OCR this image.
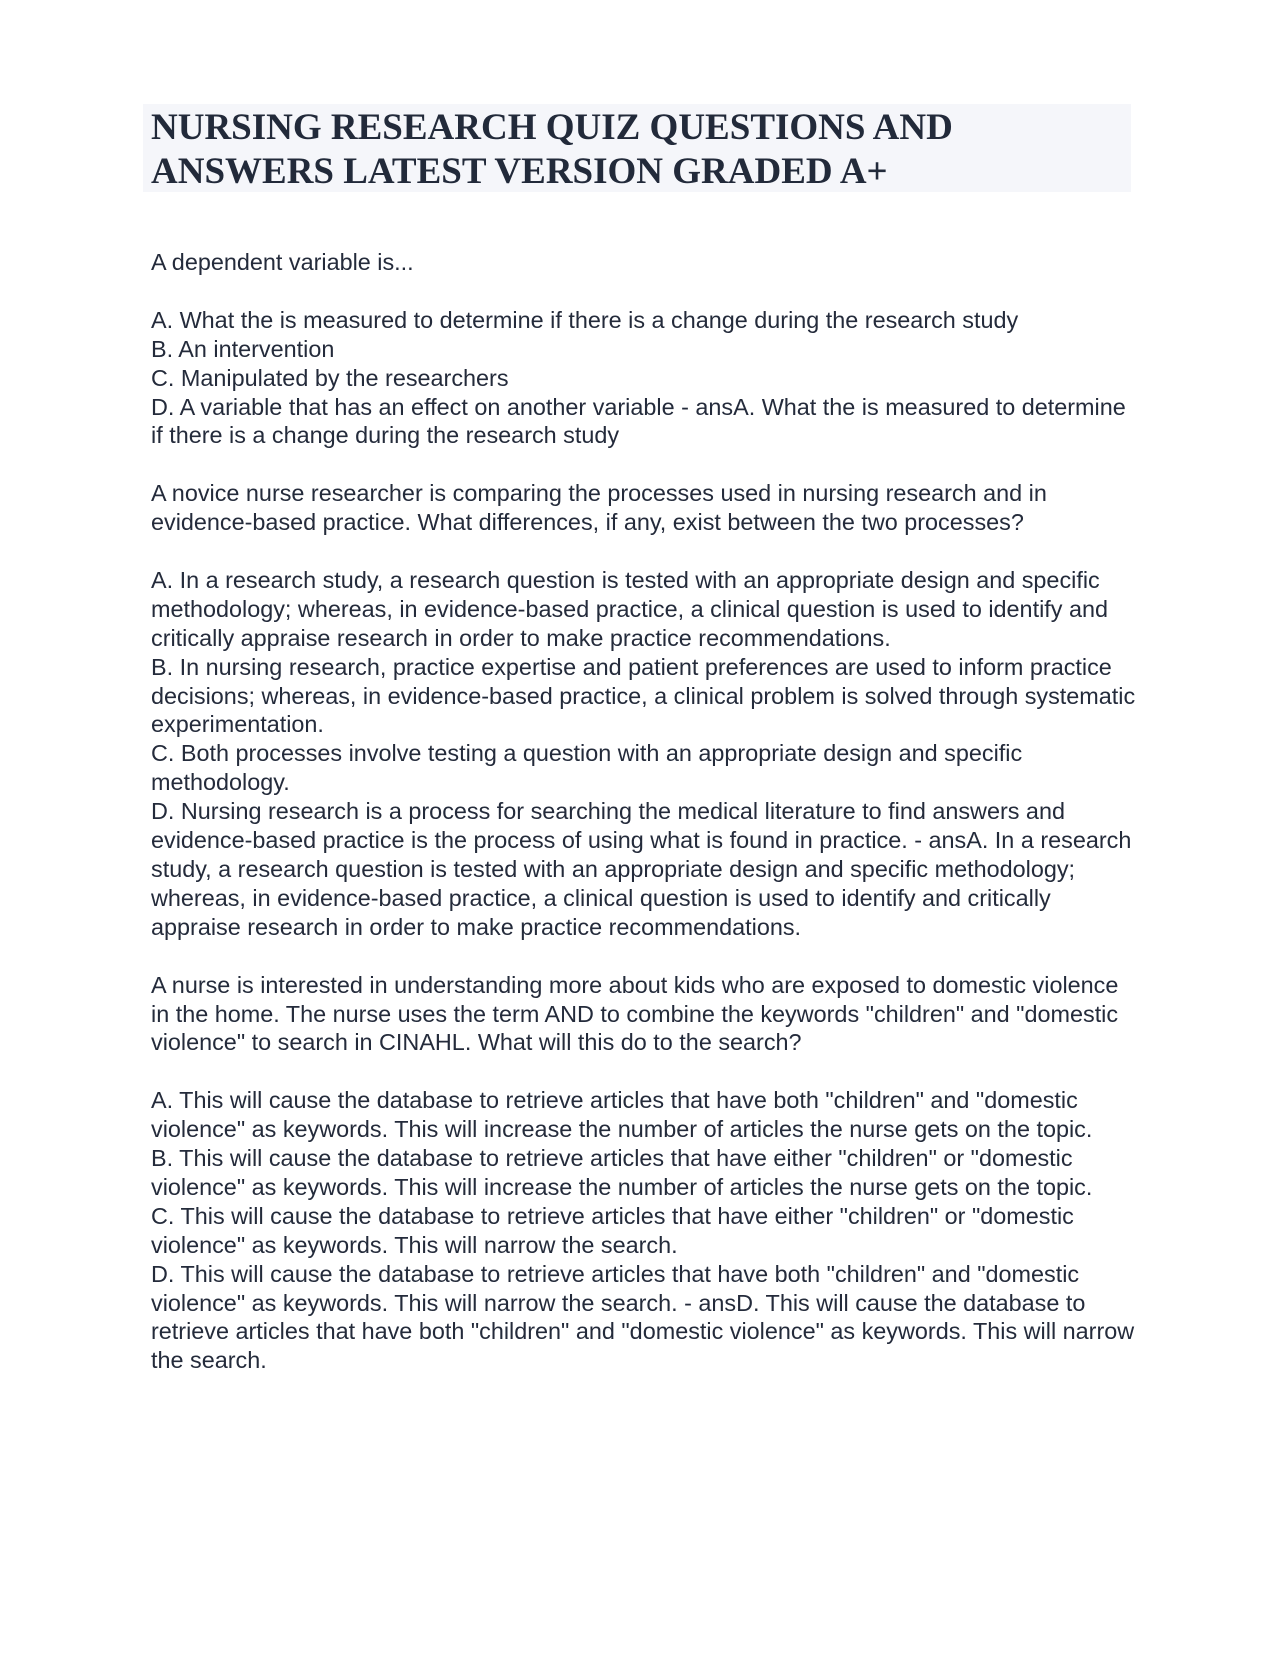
NURSING RESEARCH QUIZ QUESTIONS AND ANSWERS LATEST VERSION GRADED A+

A dependent variable is...

A. What the is measured to determine if there is a change during the research study

B. An intervention

C. Manipulated by the researchers

D. A variable that has an effect on another variable - ansA. What the is measured to determine if there is a change during the research study

A novice nurse researcher is comparing the processes used in nursing research and in evidence-based practice. What differences, if any, exist between the two processes?

A. In a research study, a research question is tested with an appropriate design and specific methodology; whereas, in evidence-based practice, a clinical question is used to identify and critically appraise research in order to make practice recommendations.

B. In nursing research, practice expertise and patient preferences are used to inform practice decisions; whereas, in evidence-based practice, a clinical problem is solved through systematic experimentation.

C. Both processes involve testing a question with an appropriate design and specific methodology.

D. Nursing research is a process for searching the medical literature to find answers and evidence-based practice is the process of using what is found in practice. - ansA. In a research study, a research question is tested with an appropriate design and specific methodology; whereas, in evidence-based practice, a clinical question is used to identify and critically appraise research in order to make practice recommendations.

A nurse is interested in understanding more about kids who are exposed to domestic violence in the home. The nurse uses the term AND to combine the keywords "children" and "domestic violence" to search in CINAHL. What will this do to the search?

A. This will cause the database to retrieve articles that have both "children" and "domestic violence" as keywords. This will increase the number of articles the nurse gets on the topic.

B. This will cause the database to retrieve articles that have either "children" or "domestic violence" as keywords. This will increase the number of articles the nurse gets on the topic.

C. This will cause the database to retrieve articles that have either "children" or "domestic violence" as keywords. This will narrow the search.

D. This will cause the database to retrieve articles that have both "children" and "domestic violence" as keywords. This will narrow the search. - ansD. This will cause the database to retrieve articles that have both "children" and "domestic violence" as keywords. This will narrow the search.
